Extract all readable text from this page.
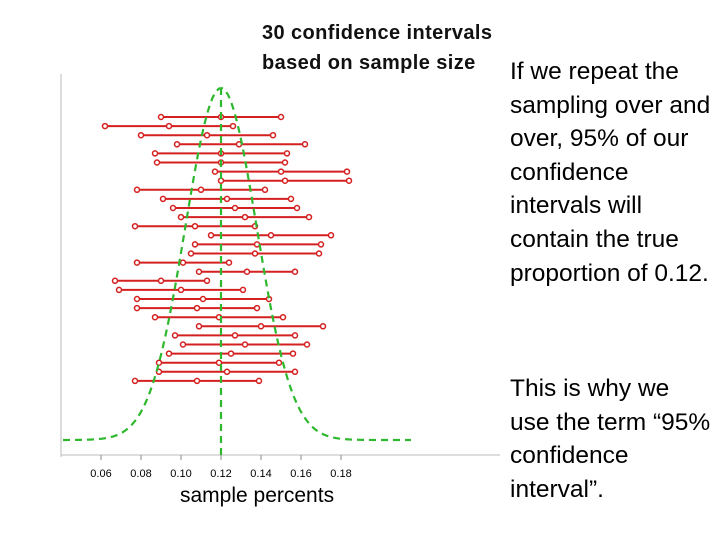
30 confidence intervals
based on sample size
0.06 0.08 0.10 0.12 0.14 0.16 0.18
sample percents
If we repeat the sampling over and over, 95% of our confidence intervals will contain the true proportion of 0.12.
This is why we use the term “95% confidence interval”.
